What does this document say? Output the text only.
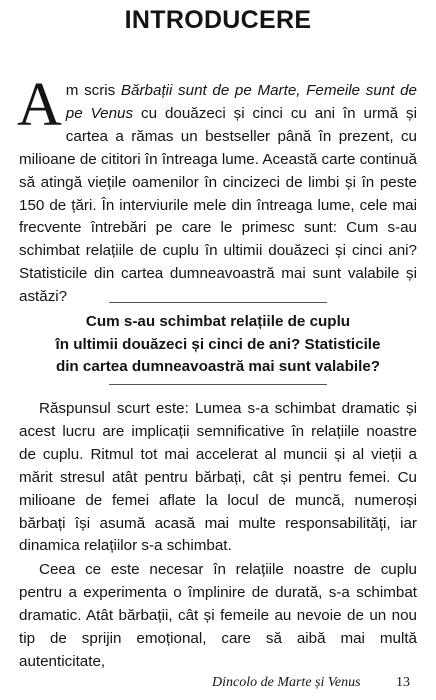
INTRODUCERE

Am scris Bărbații sunt de pe Marte, Femeile sunt de pe Venus cu douăzeci și cinci cu ani în urmă și cartea a rămas un bestseller până în prezent, cu milioane de cititori în întreaga lume. Această carte continuă să atingă viețile oamenilor în cincizeci de limbi și în peste 150 de țări. În interviurile mele din întreaga lume, cele mai frecvente întrebări pe care le primesc sunt: Cum s-au schimbat relațiile de cuplu în ultimii douăzeci și cinci ani? Statisticile din cartea dumneavoastră mai sunt valabile și astăzi?

Cum s-au schimbat relațiile de cuplu
în ultimii douăzeci și cinci de ani? Statisticile
din cartea dumneavoastră mai sunt valabile?

Răspunsul scurt este: Lumea s-a schimbat dramatic și acest lucru are implicații semnificative în relațiile noastre de cuplu. Ritmul tot mai accelerat al muncii și al vieții a mărit stresul atât pentru bărbați, cât și pentru femei. Cu milioane de femei aflate la locul de muncă, numeroși bărbați își asumă acasă mai multe responsabilități, iar dinamica relațiilor s-a schimbat.

Ceea ce este necesar în relațiile noastre de cuplu pentru a experimenta o împlinire de durată, s-a schimbat dramatic. Atât bărbații, cât și femeile au nevoie de un nou tip de sprijin emoțional, care să aibă mai multă autenticitate,

Dincolo de Marte și Venus	13
